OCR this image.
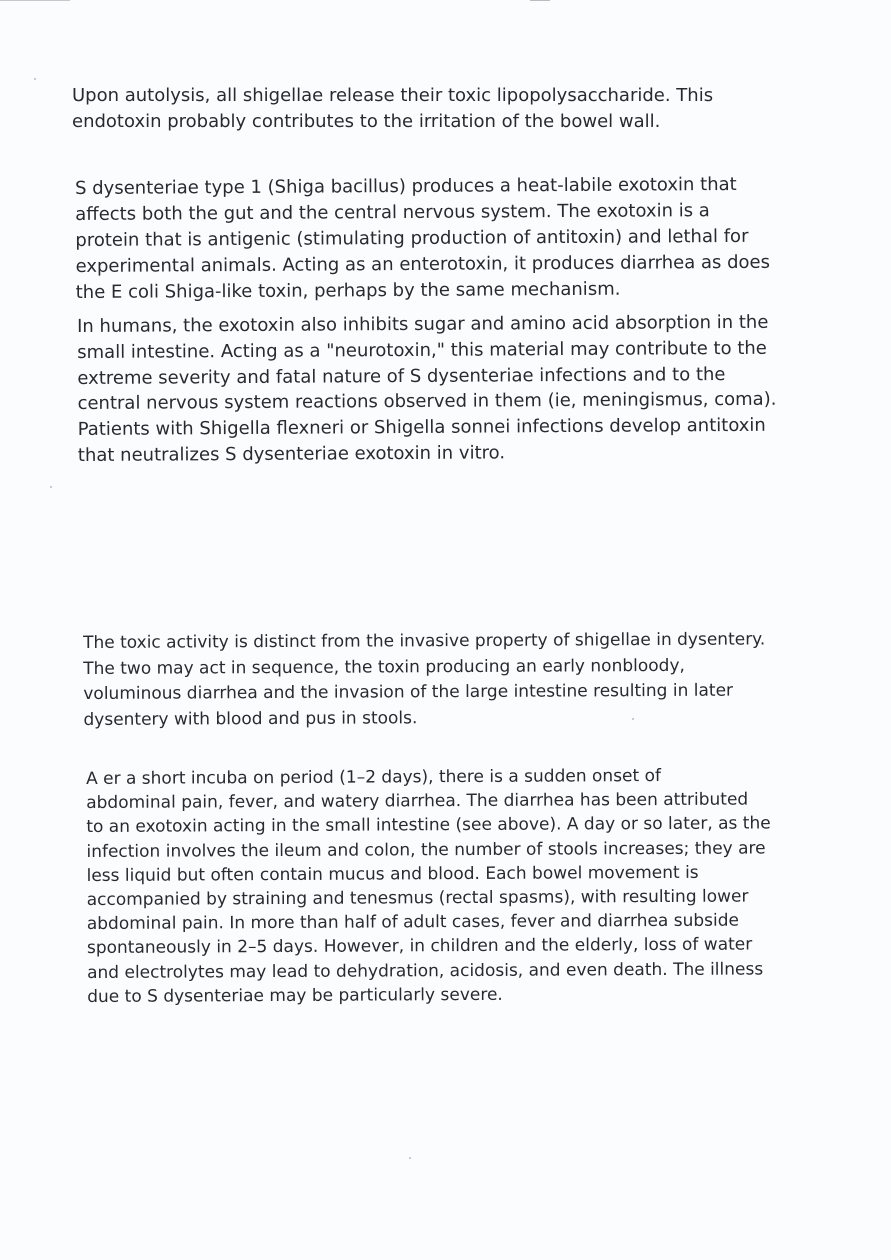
Upon autolysis, all shigellae release their toxic lipopolysaccharide. This
endotoxin probably contributes to the irritation of the bowel wall.

S dysenteriae type 1 (Shiga bacillus) produces a heat-labile exotoxin that
affects both the gut and the central nervous system. The exotoxin is a
protein that is antigenic (stimulating production of antitoxin) and lethal for
experimental animals. Acting as an enterotoxin, it produces diarrhea as does
the E coli Shiga-like toxin, perhaps by the same mechanism.

In humans, the exotoxin also inhibits sugar and amino acid absorption in the
small intestine. Acting as a "neurotoxin," this material may contribute to the
extreme severity and fatal nature of S dysenteriae infections and to the
central nervous system reactions observed in them (ie, meningismus, coma).
Patients with Shigella flexneri or Shigella sonnei infections develop antitoxin
that neutralizes S dysenteriae exotoxin in vitro.

The toxic activity is distinct from the invasive property of shigellae in dysentery.
The two may act in sequence, the toxin producing an early nonbloody,
voluminous diarrhea and the invasion of the large intestine resulting in later
dysentery with blood and pus in stools.

A er a short incuba on period (1–2 days), there is a sudden onset of
abdominal pain, fever, and watery diarrhea. The diarrhea has been attributed
to an exotoxin acting in the small intestine (see above). A day or so later, as the
infection involves the ileum and colon, the number of stools increases; they are
less liquid but often contain mucus and blood. Each bowel movement is
accompanied by straining and tenesmus (rectal spasms), with resulting lower
abdominal pain. In more than half of adult cases, fever and diarrhea subside
spontaneously in 2–5 days. However, in children and the elderly, loss of water
and electrolytes may lead to dehydration, acidosis, and even death. The illness
due to S dysenteriae may be particularly severe.
